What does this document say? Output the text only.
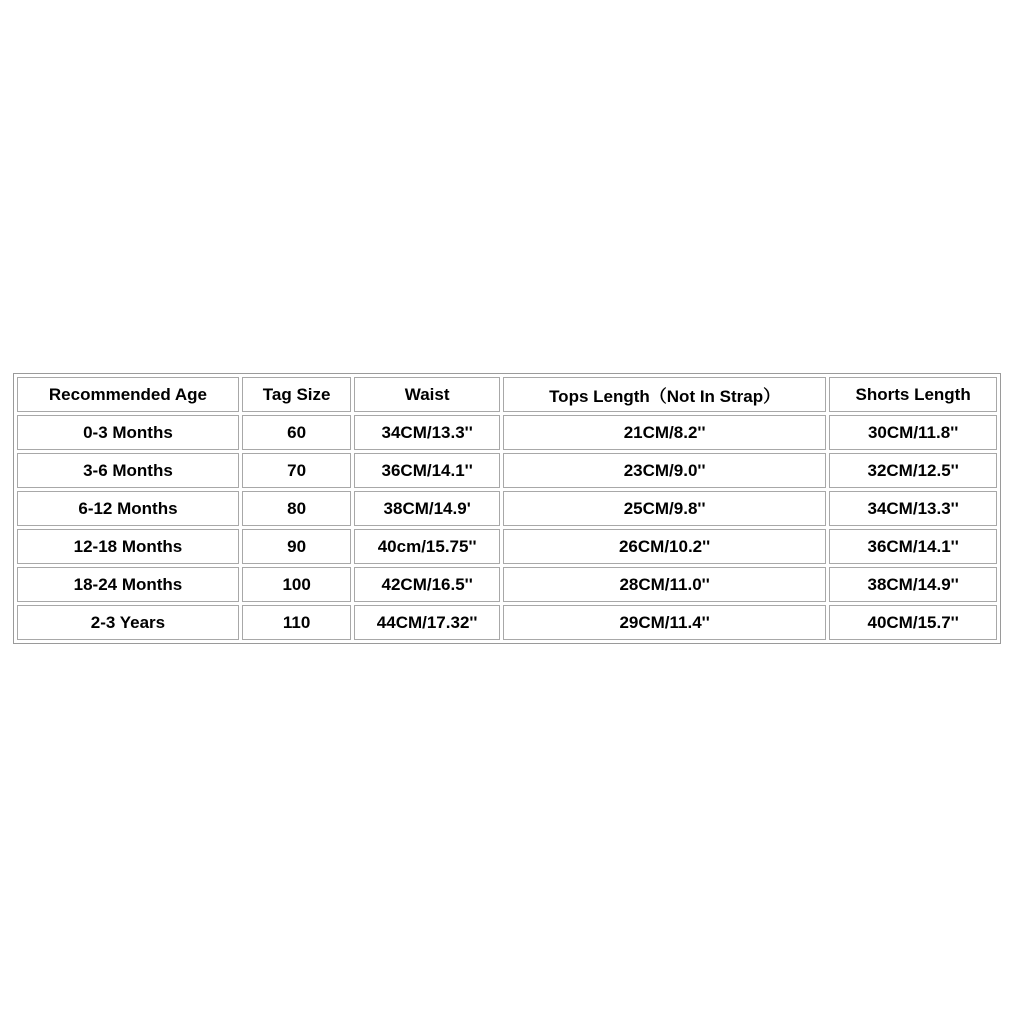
Recommended Age	Tag Size	Waist	Tops Length（Not In Strap）	Shorts Length
0-3 Months	60	34CM/13.3''	21CM/8.2''	30CM/11.8''
3-6 Months	70	36CM/14.1''	23CM/9.0''	32CM/12.5''
6-12 Months	80	38CM/14.9'	25CM/9.8''	34CM/13.3''
12-18 Months	90	40cm/15.75''	26CM/10.2''	36CM/14.1''
18-24 Months	100	42CM/16.5''	28CM/11.0''	38CM/14.9''
2-3 Years	110	44CM/17.32''	29CM/11.4''	40CM/15.7''
